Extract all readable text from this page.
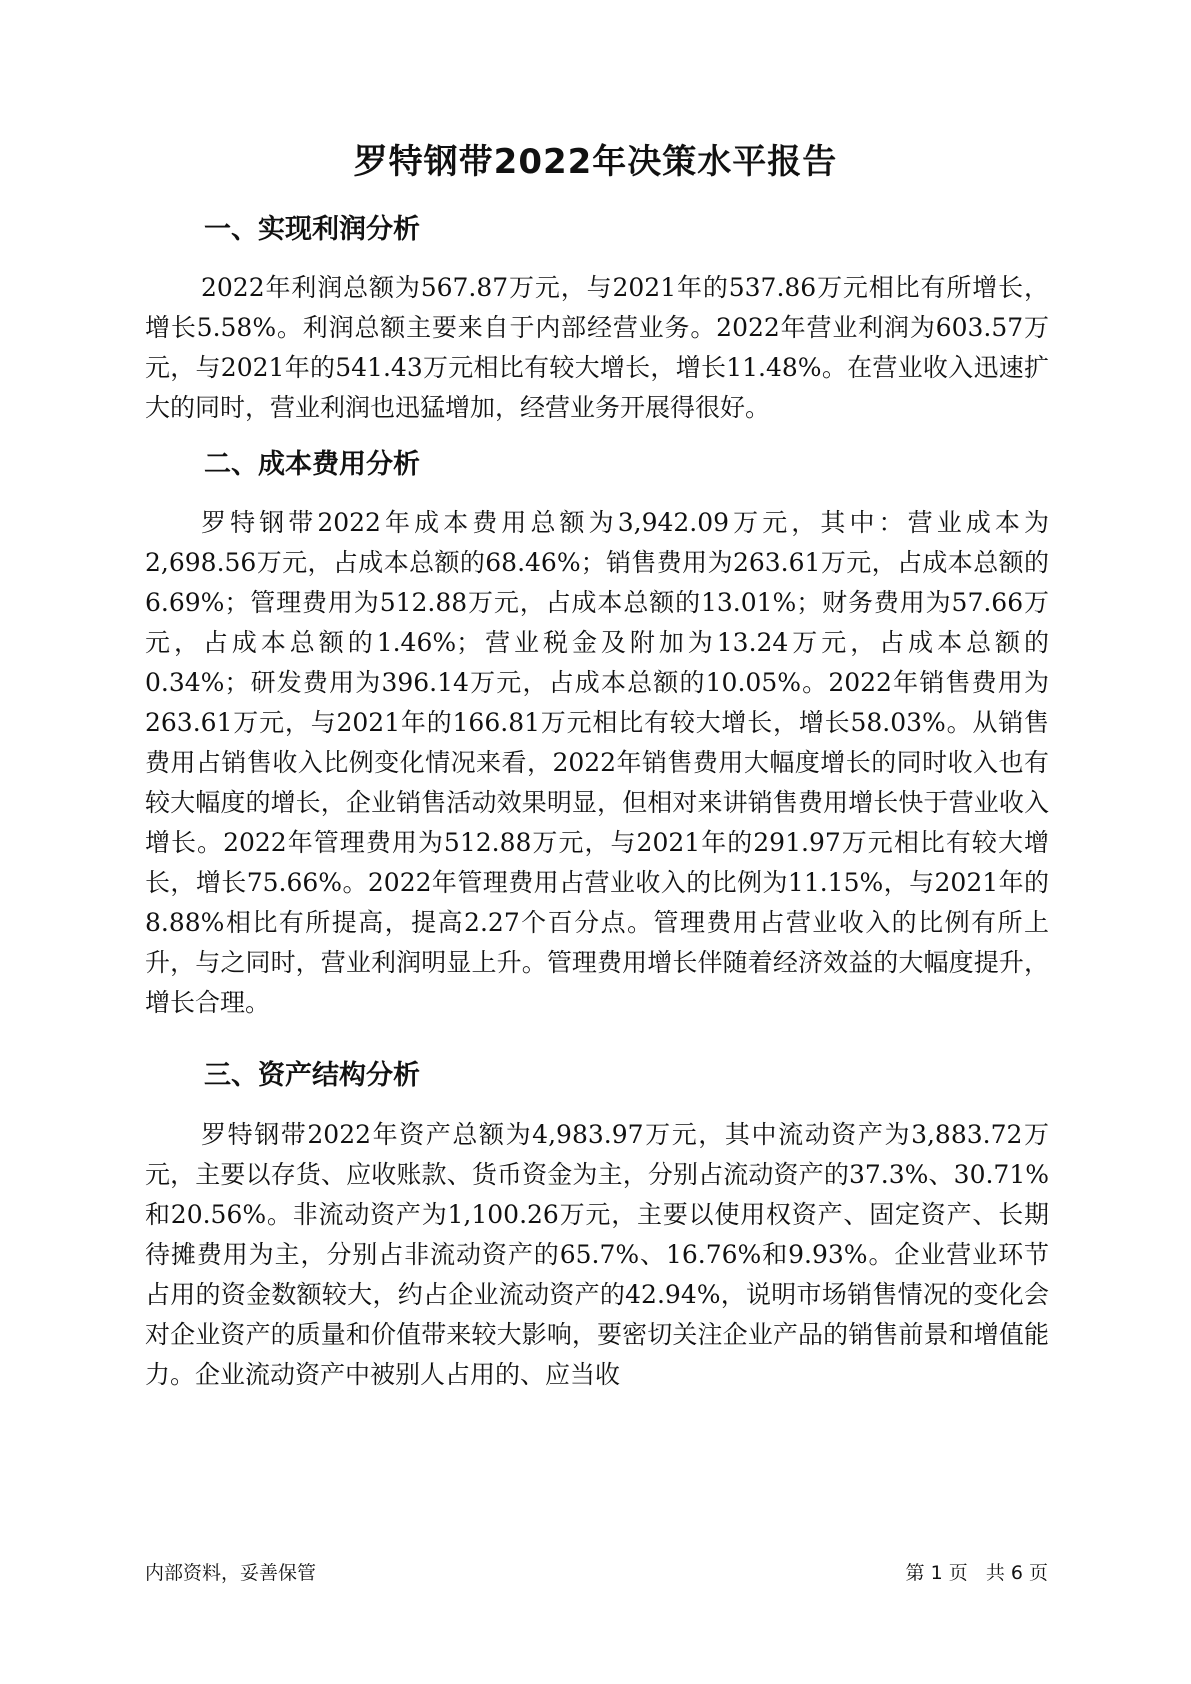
罗特钢带2022年决策水平报告
一、实现利润分析

2022年利润总额为567.87万元，与2021年的537.86万元相比有所增长，增长5.58%。利润总额主要来自于内部经营业务。2022年营业利润为603.57万元，与2021年的541.43万元相比有较大增长，增长11.48%。在营业收入迅速扩大的同时，营业利润也迅猛增加，经营业务开展得很好。

二、成本费用分析

罗特钢带2022年成本费用总额为3,942.09万元，其中：营业成本为2,698.56万元，占成本总额的68.46%；销售费用为263.61万元，占成本总额的6.69%；管理费用为512.88万元，占成本总额的13.01%；财务费用为57.66万元，占成本总额的1.46%；营业税金及附加为13.24万元，占成本总额的0.34%；研发费用为396.14万元，占成本总额的10.05%。2022年销售费用为263.61万元，与2021年的166.81万元相比有较大增长，增长58.03%。从销售费用占销售收入比例变化情况来看，2022年销售费用大幅度增长的同时收入也有较大幅度的增长，企业销售活动效果明显，但相对来讲销售费用增长快于营业收入增长。2022年管理费用为512.88万元，与2021年的291.97万元相比有较大增长，增长75.66%。2022年管理费用占营业收入的比例为11.15%，与2021年的8.88%相比有所提高，提高2.27个百分点。管理费用占营业收入的比例有所上升，与之同时，营业利润明显上升。管理费用增长伴随着经济效益的大幅度提升，增长合理。

三、资产结构分析

罗特钢带2022年资产总额为4,983.97万元，其中流动资产为3,883.72万元，主要以存货、应收账款、货币资金为主，分别占流动资产的37.3%、30.71%和20.56%。非流动资产为1,100.26万元，主要以使用权资产、固定资产、长期待摊费用为主，分别占非流动资产的65.7%、16.76%和9.93%。企业营业环节占用的资金数额较大，约占企业流动资产的42.94%，说明市场销售情况的变化会对企业资产的质量和价值带来较大影响，要密切关注企业产品的销售前景和增值能力。企业流动资产中被别人占用的、应当收

内部资料，妥善保管	第 1 页   共 6 页
